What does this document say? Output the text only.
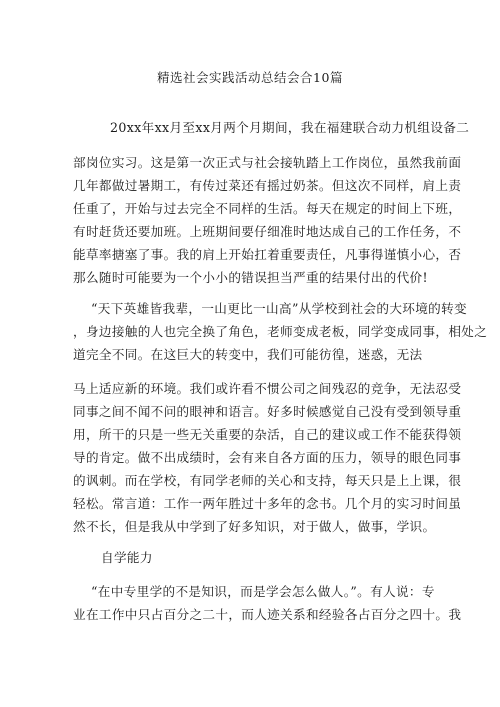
精选社会实践活动总结会合10篇
20xx年xx月至xx月两个月期间，我在福建联合动力机组设备二
部岗位实习。这是第一次正式与社会接轨踏上工作岗位，虽然我前面
几年都做过暑期工，有传过菜还有摇过奶茶。但这次不同样，肩上责
任重了，开始与过去完全不同样的生活。每天在规定的时间上下班，
有时赶货还要加班。上班期间要仔细准时地达成自己的工作任务，不
能草率搪塞了事。我的肩上开始扛着重要责任，凡事得谨慎小心，否
那么随时可能要为一个小小的错误担当严重的结果付出的代价!
“天下英雄皆我辈，一山更比一山高”从学校到社会的大环境的转变
，身边接触的人也完全换了角色，老师变成老板，同学变成同事，相处之
道完全不同。在这巨大的转变中，我们可能彷徨，迷惑，无法
马上适应新的环境。我们或许看不惯公司之间残忍的竞争，无法忍受
同事之间不闻不问的眼神和语言。好多时候感觉自己没有受到领导重
用，所干的只是一些无关重要的杂活，自己的建议或工作不能获得领
导的肯定。做不出成绩时，会有来自各方面的压力，领导的眼色同事
的讽刺。而在学校，有同学老师的关心和支持，每天只是上上课，很
轻松。常言道：工作一两年胜过十多年的念书。几个月的实习时间虽
然不长，但是我从中学到了好多知识，对于做人，做事，学识。
自学能力
“在中专里学的不是知识，而是学会怎么做人。”。有人说：专
业在工作中只占百分之二十，而人迹关系和经验各占百分之四十。我
